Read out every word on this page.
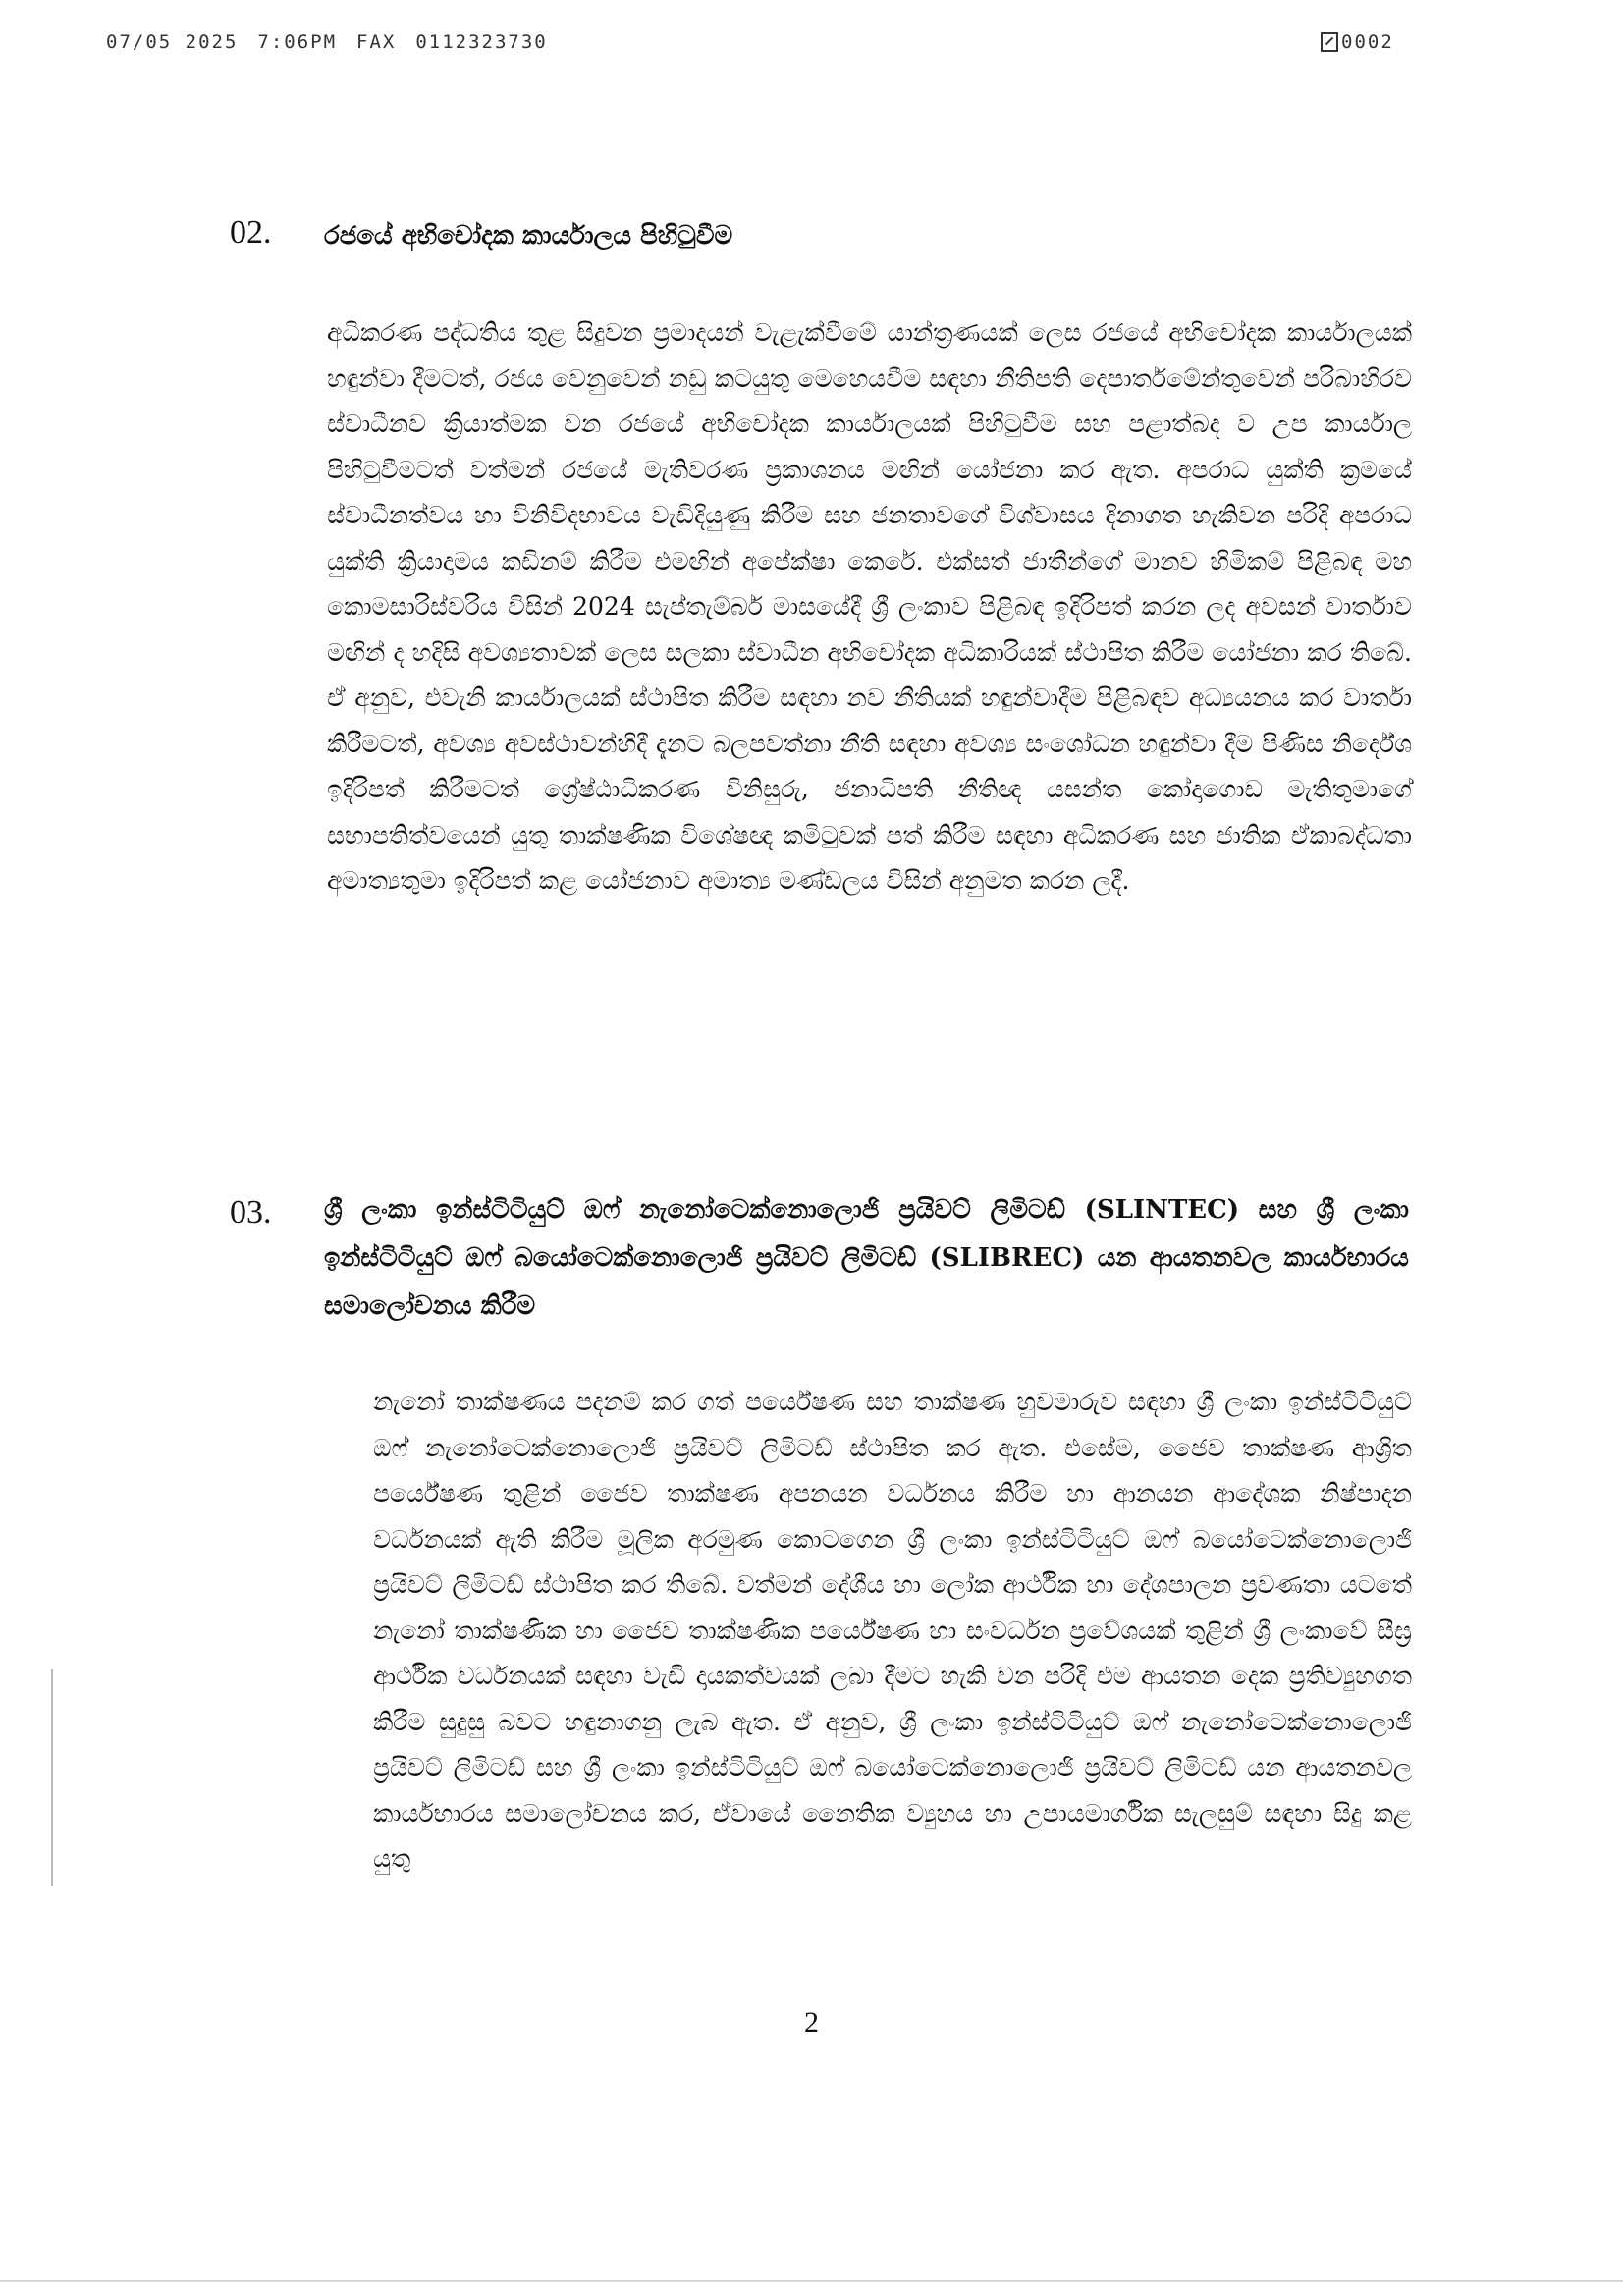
07/05 2025 7:06PM FAX 0112323730	0002
02. රජයේ අභිචෝදක කාර්යාලය පිහිටුවීම
අධිකරණ පද්ධතිය තුළ සිදුවන ප්‍රමාදයන් වැළැක්වීමේ යාන්ත්‍රණයක් ලෙස රජයේ අභිචෝදක කාර්යාලයක් හඳුන්වා දීමටත්, රජය වෙනුවෙන් නඩු කටයුතු මෙහෙයවීම සඳහා නීතිපති දෙපාර්තමේන්තුවෙන් පරිබාහිරව ස්වාධීනව ක්‍රියාත්මක වන රජයේ අභිචෝදක කාර්යාලයක් පිහිටුවීම සහ පළාත්බද ව උප කාර්යාල පිහිටුවීමටත් වත්මන් රජයේ මැතිවරණ ප්‍රකාශනය මඟින් යෝජනා කර ඇත. අපරාධ යුක්ති ක්‍රමයේ ස්වාධීනත්වය හා විනිවිදභාවය වැඩිදියුණු කිරීම සහ ජනතාවගේ විශ්වාසය දිනාගත හැකිවන පරිදි අපරාධ යුක්ති ක්‍රියාදාමය කඩිනම් කිරීම එමඟින් අපේක්ෂා කෙරේ. එක්සත් ජාතීන්ගේ මානව හිමිකම් පිළිබඳ මහ කොමසාරිස්වරිය විසින් 2024 සැප්තැම්බර් මාසයේදී ශ්‍රී ලංකාව පිළිබඳ ඉදිරිපත් කරන ලද අවසන් වාර්තාව මඟින් ද හදිසි අවශ්‍යතාවක් ලෙස සලකා ස්වාධීන අභිචෝදක අධිකාරියක් ස්ථාපිත කිරීම යෝජනා කර තිබේ. ඒ අනුව, එවැනි කාර්යාලයක් ස්ථාපිත කිරීම සඳහා නව නීතියක් හඳුන්වාදීම පිළිබඳව අධ්‍යයනය කර වාර්තා කිරීමටත්, අවශ්‍ය අවස්ථාවන්හිදී දැනට බලපවත්නා නීති සඳහා අවශ්‍ය සංශෝධන හඳුන්වා දීම පිණිස නිර්දේශ ඉදිරිපත් කිරීමටත් ශ්‍රේෂ්ඨාධිකරණ විනිසුරු, ජනාධිපති නීතිඥ යසන්ත කෝදාගොඩ මැතිතුමාගේ සභාපතිත්වයෙන් යුතු තාක්ෂණික විශේෂඥ කමිටුවක් පත් කිරීම සඳහා අධිකරණ සහ ජාතික ඒකාබද්ධතා අමාත්‍යතුමා ඉදිරිපත් කළ යෝජනාව අමාත්‍ය මණ්ඩලය විසින් අනුමත කරන ලදී.
03. ශ්‍රී ලංකා ඉන්ස්ටිටියුට් ඔෆ් නැනෝටෙක්නොලොජි ප්‍රයිවට් ලිමිටඩ් (SLINTEC) සහ ශ්‍රී ලංකා ඉන්ස්ටිටියුට් ඔෆ් බයෝටෙක්නොලොජි ප්‍රයිවට් ලිමිටඩ් (SLIBREC) යන ආයතනවල කාර්යභාරය සමාලෝචනය කිරීම
නැනෝ තාක්ෂණය පදනම් කර ගත් පර්යේෂණ සහ තාක්ෂණ හුවමාරුව සඳහා ශ්‍රී ලංකා ඉන්ස්ටිටියුට් ඔෆ් නැනෝටෙක්නොලොජි ප්‍රයිවට් ලිමිටඩ් ස්ථාපිත කර ඇත. එසේම, ජෛව තාක්ෂණ ආශ්‍රිත පර්යේෂණ තුළින් ජෛව තාක්ෂණ අපනයන වර්ධනය කිරීම හා ආනයන ආදේශක නිෂ්පාදන වර්ධනයක් ඇති කිරීම මූලික අරමුණ කොටගෙන ශ්‍රී ලංකා ඉන්ස්ටිටියුට් ඔෆ් බයෝටෙක්නොලොජි ප්‍රයිවට් ලිමිටඩ් ස්ථාපිත කර තිබේ. වත්මන් දේශීය හා ලෝක ආර්ථික හා දේශපාලන ප්‍රවණතා යටතේ නැනෝ තාක්ෂණික හා ජෛව තාක්ෂණික පර්යේෂණ හා සංවර්ධන ප්‍රවේශයක් තුළින් ශ්‍රී ලංකාවේ සීඝ්‍ර ආර්ථික වර්ධනයක් සඳහා වැඩි දායකත්වයක් ලබා දීමට හැකි වන පරිදි එම ආයතන දෙක ප්‍රතිව්‍යුහගත කිරීම සුදුසු බවට හඳුනාගනු ලැබ ඇත. ඒ අනුව, ශ්‍රී ලංකා ඉන්ස්ටිටියුට් ඔෆ් නැනෝටෙක්නොලොජි ප්‍රයිවට් ලිමිටඩ් සහ ශ්‍රී ලංකා ඉන්ස්ටිටියුට් ඔෆ් බයෝටෙක්නොලොජි ප්‍රයිවට් ලිමිටඩ් යන ආයතනවල කාර්යභාරය සමාලෝචනය කර, ඒවායේ නෛතික ව්‍යුහය හා උපායමාර්ගික සැලසුම් සඳහා සිදු කළ යුතු
2
